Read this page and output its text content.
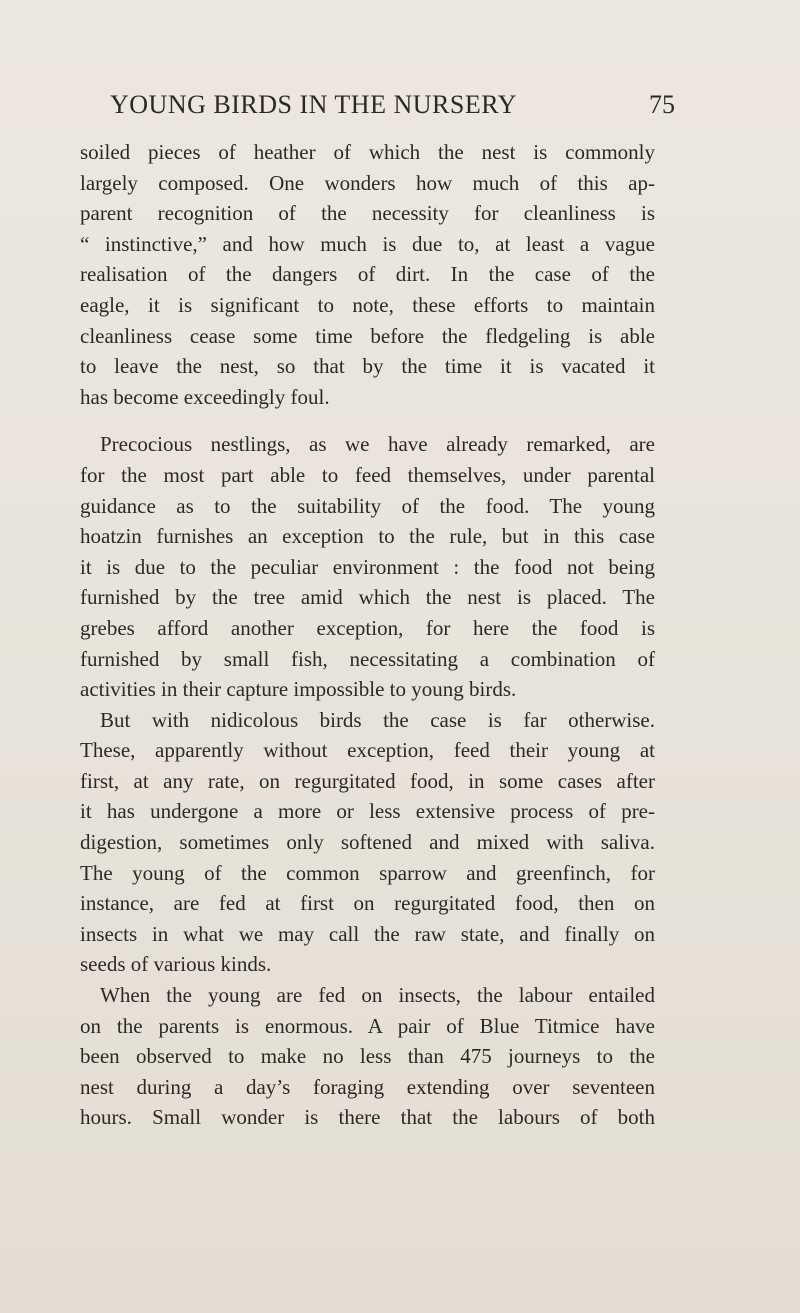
YOUNG BIRDS IN THE NURSERY	75
soiled pieces of heather of which the nest is commonly
largely composed. One wonders how much of this ap-
parent recognition of the necessity for cleanliness is
“ instinctive,” and how much is due to, at least a vague
realisation of the dangers of dirt. In the case of the
eagle, it is significant to note, these efforts to maintain
cleanliness cease some time before the fledgeling is able
to leave the nest, so that by the time it is vacated it
has become exceedingly foul.
Precocious nestlings, as we have already remarked, are
for the most part able to feed themselves, under parental
guidance as to the suitability of the food. The young
hoatzin furnishes an exception to the rule, but in this case
it is due to the peculiar environment : the food not being
furnished by the tree amid which the nest is placed. The
grebes afford another exception, for here the food is
furnished by small fish, necessitating a combination of
activities in their capture impossible to young birds.
But with nidicolous birds the case is far otherwise.
These, apparently without exception, feed their young at
first, at any rate, on regurgitated food, in some cases after
it has undergone a more or less extensive process of pre-
digestion, sometimes only softened and mixed with saliva.
The young of the common sparrow and greenfinch, for
instance, are fed at first on regurgitated food, then on
insects in what we may call the raw state, and finally on
seeds of various kinds.
When the young are fed on insects, the labour entailed
on the parents is enormous. A pair of Blue Titmice have
been observed to make no less than 475 journeys to the
nest during a day’s foraging extending over seventeen
hours. Small wonder is there that the labours of both
